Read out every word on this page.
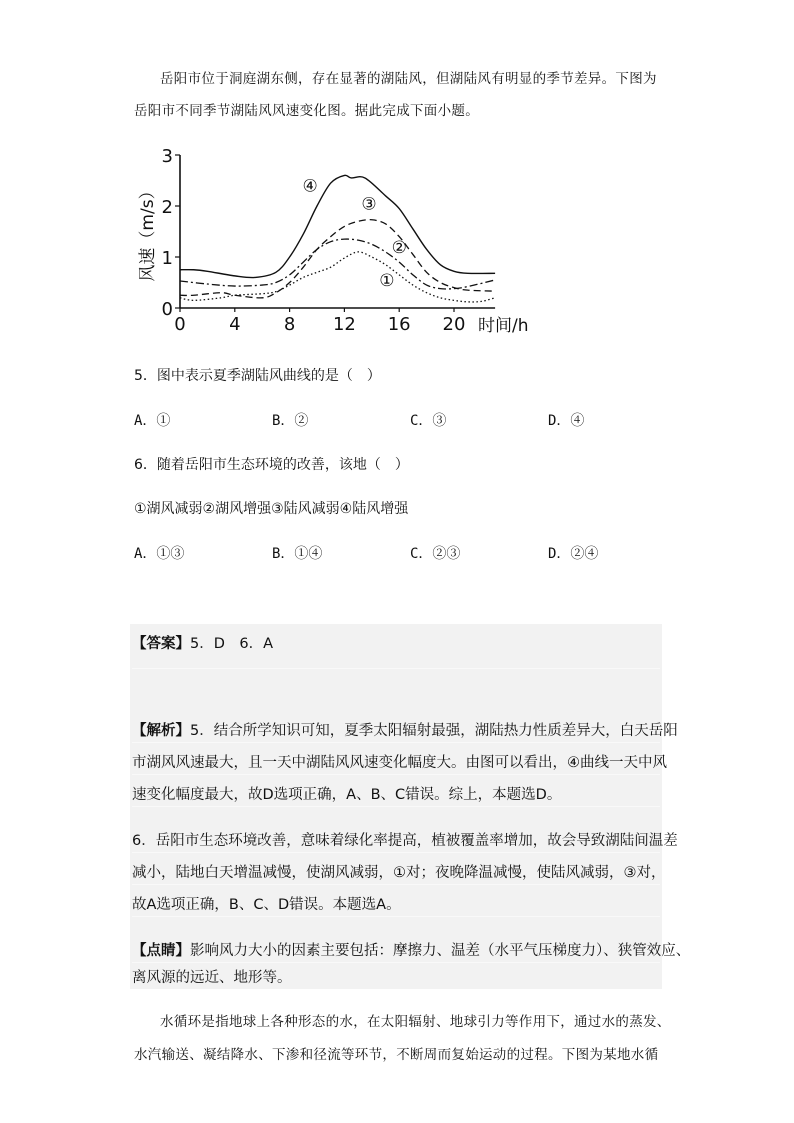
岳阳市位于洞庭湖东侧，存在显著的湖陆风，但湖陆风有明显的季节差异。下图为
岳阳市不同季节湖陆风风速变化图。据此完成下面小题。
0 4 8 12 16 20
0
1
2
3
④
③
②
①
风速（m/s）
时间/h
5．图中表示夏季湖陆风曲线的是（　）
A．①	B．②	C．③	D．④
6．随着岳阳市生态环境的改善，该地（　）
①湖风减弱②湖风增强③陆风减弱④陆风增强
A．①③	B．①④	C．②③	D．②④
【答案】5．D　6．A
【解析】5．结合所学知识可知，夏季太阳辐射最强，湖陆热力性质差异大，白天岳阳
市湖风风速最大，且一天中湖陆风风速变化幅度大。由图可以看出，④曲线一天中风
速变化幅度最大，故D选项正确，A、B、C错误。综上，本题选D。
6．岳阳市生态环境改善，意味着绿化率提高，植被覆盖率增加，故会导致湖陆间温差
减小，陆地白天增温减慢，使湖风减弱，①对；夜晚降温减慢，使陆风减弱，③对，
故A选项正确，B、C、D错误。本题选A。
【点睛】影响风力大小的因素主要包括：摩擦力、温差（水平气压梯度力）、狭管效应、
离风源的远近、地形等。
水循环是指地球上各种形态的水，在太阳辐射、地球引力等作用下，通过水的蒸发、
水汽输送、凝结降水、下渗和径流等环节，不断周而复始运动的过程。下图为某地水循
